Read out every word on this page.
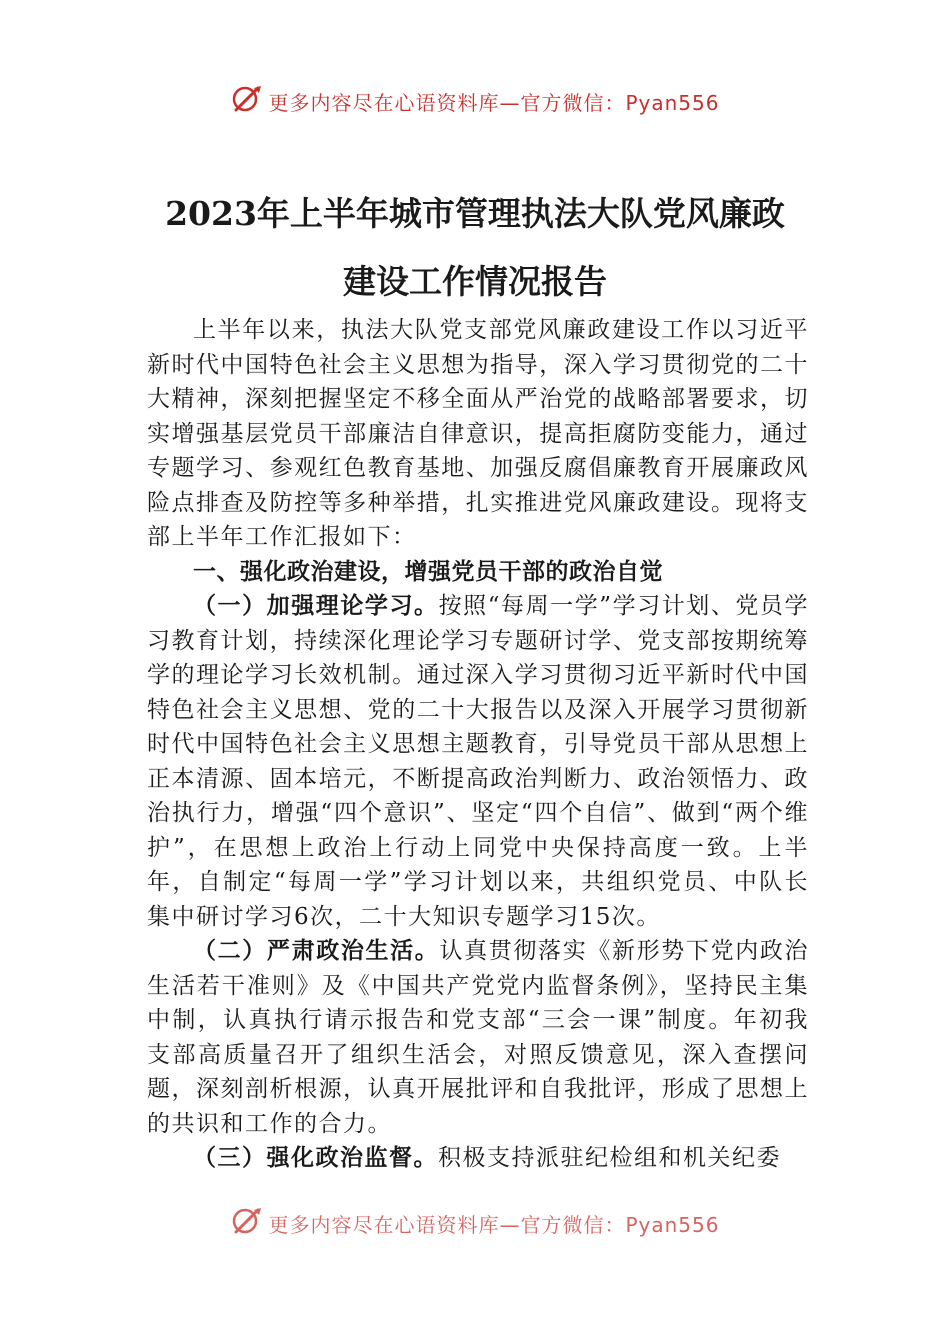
更多内容尽在心语资料库—官方微信：Pyan556
2023年上半年城市管理执法大队党风廉政
建设工作情况报告

上半年以来，执法大队党支部党风廉政建设工作以习近平新时代中国特色社会主义思想为指导，深入学习贯彻党的二十大精神，深刻把握坚定不移全面从严治党的战略部署要求，切实增强基层党员干部廉洁自律意识，提高拒腐防变能力，通过专题学习、参观红色教育基地、加强反腐倡廉教育开展廉政风险点排查及防控等多种举措，扎实推进党风廉政建设。现将支部上半年工作汇报如下：

一、强化政治建设，增强党员干部的政治自觉

（一）加强理论学习。按照“每周一学”学习计划、党员学习教育计划，持续深化理论学习专题研讨学、党支部按期统筹学的理论学习长效机制。通过深入学习贯彻习近平新时代中国特色社会主义思想、党的二十大报告以及深入开展学习贯彻新时代中国特色社会主义思想主题教育，引导党员干部从思想上正本清源、固本培元，不断提高政治判断力、政治领悟力、政治执行力，增强“四个意识”、坚定“四个自信”、做到“两个维护”，在思想上政治上行动上同党中央保持高度一致。上半年，自制定“每周一学”学习计划以来，共组织党员、中队长集中研讨学习6次，二十大知识专题学习15次。

（二）严肃政治生活。认真贯彻落实《新形势下党内政治生活若干准则》及《中国共产党党内监督条例》，坚持民主集中制，认真执行请示报告和党支部“三会一课”制度。年初我支部高质量召开了组织生活会，对照反馈意见，深入查摆问题，深刻剖析根源，认真开展批评和自我批评，形成了思想上的共识和工作的合力。

（三）强化政治监督。积极支持派驻纪检组和机关纪委

更多内容尽在心语资料库—官方微信：Pyan556
